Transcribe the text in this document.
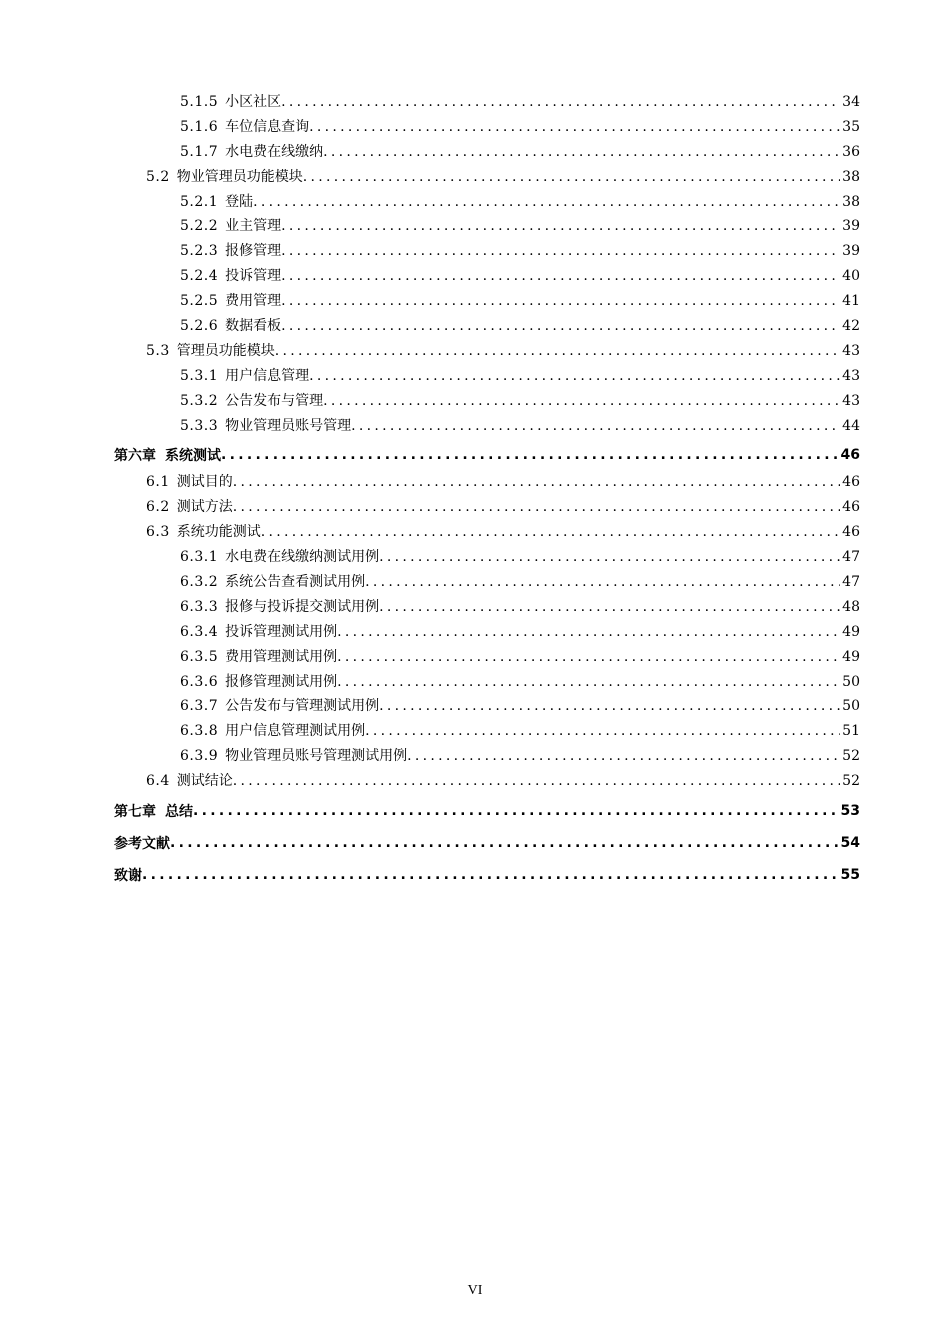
5.1.5 小区社区 .....	34
5.1.6 车位信息查询 .....	35
5.1.7 水电费在线缴纳 .....	36
5.2 物业管理员功能模块 .....	38
5.2.1 登陆 .....	38
5.2.2 业主管理 .....	39
5.2.3 报修管理 .....	39
5.2.4 投诉管理 .....	40
5.2.5 费用管理 .....	41
5.2.6 数据看板 .....	42
5.3 管理员功能模块 .....	43
5.3.1 用户信息管理 .....	43
5.3.2 公告发布与管理 .....	43
5.3.3 物业管理员账号管理 .....	44
第六章 系统测试 .....	46
6.1 测试目的 .....	46
6.2 测试方法 .....	46
6.3 系统功能测试 .....	46
6.3.1 水电费在线缴纳测试用例 .....	47
6.3.2 系统公告查看测试用例 .....	47
6.3.3 报修与投诉提交测试用例 .....	48
6.3.4 投诉管理测试用例 .....	49
6.3.5 费用管理测试用例 .....	49
6.3.6 报修管理测试用例 .....	50
6.3.7 公告发布与管理测试用例 .....	50
6.3.8 用户信息管理测试用例 .....	51
6.3.9 物业管理员账号管理测试用例 .....	52
6.4 测试结论 .....	52
第七章 总结 .....	53
参考文献 .....	54
致谢 .....	55
VI
